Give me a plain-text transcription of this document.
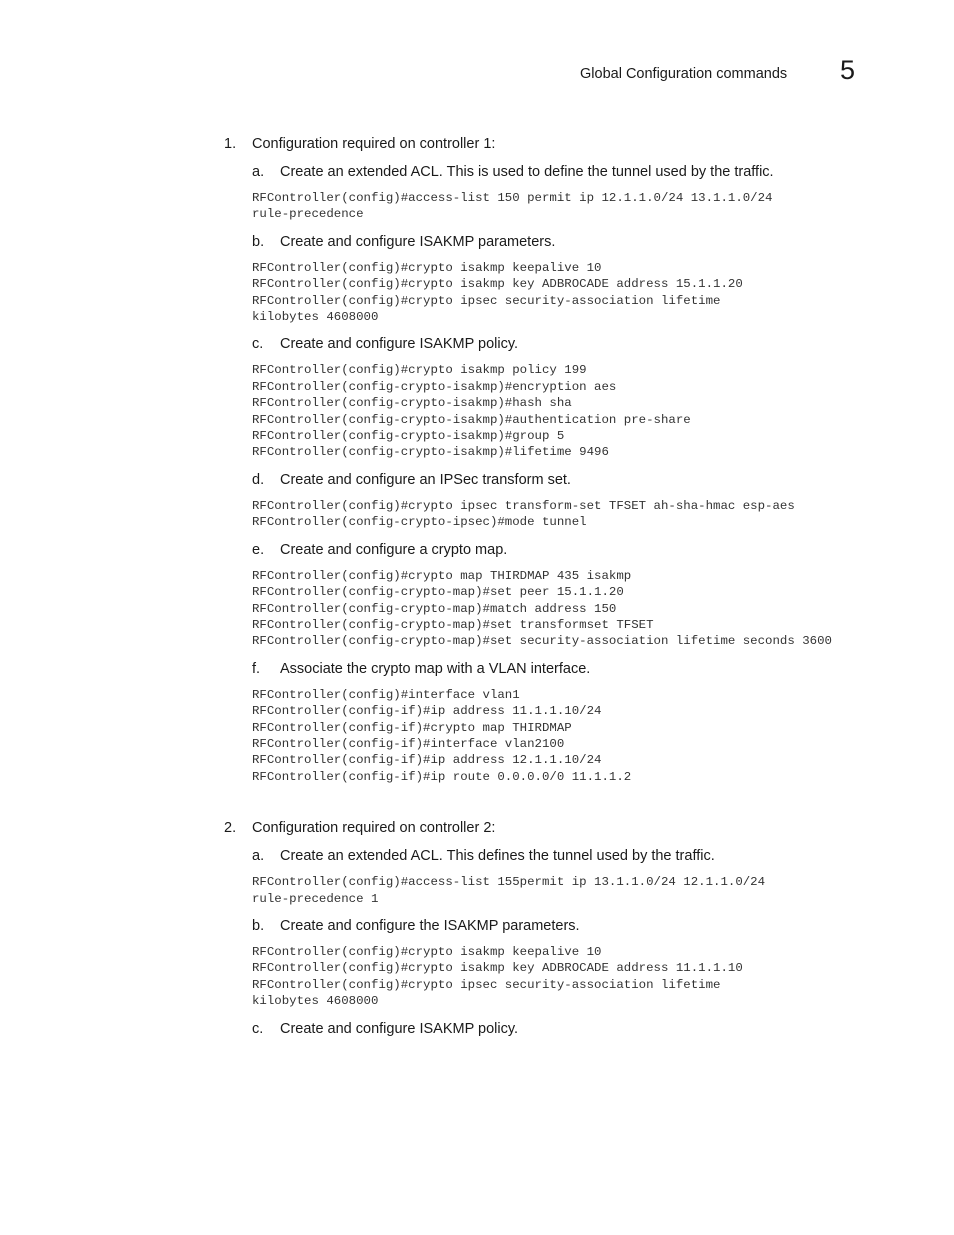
Global Configuration commands 5
1. Configuration required on controller 1:
a. Create an extended ACL. This is used to define the tunnel used by the traffic.
RFController(config)#access-list 150 permit ip 12.1.1.0/24 13.1.1.0/24
rule-precedence
b. Create and configure ISAKMP parameters.
RFController(config)#crypto isakmp keepalive 10
RFController(config)#crypto isakmp key ADBROCADE address 15.1.1.20
RFController(config)#crypto ipsec security-association lifetime
kilobytes 4608000
c. Create and configure ISAKMP policy.
RFController(config)#crypto isakmp policy 199
RFController(config-crypto-isakmp)#encryption aes
RFController(config-crypto-isakmp)#hash sha
RFController(config-crypto-isakmp)#authentication pre-share
RFController(config-crypto-isakmp)#group 5
RFController(config-crypto-isakmp)#lifetime 9496
d. Create and configure an IPSec transform set.
RFController(config)#crypto ipsec transform-set TFSET ah-sha-hmac esp-aes
RFController(config-crypto-ipsec)#mode tunnel
e. Create and configure a crypto map.
RFController(config)#crypto map THIRDMAP 435 isakmp
RFController(config-crypto-map)#set peer 15.1.1.20
RFController(config-crypto-map)#match address 150
RFController(config-crypto-map)#set transformset TFSET
RFController(config-crypto-map)#set security-association lifetime seconds 3600
f. Associate the crypto map with a VLAN interface.
RFController(config)#interface vlan1
RFController(config-if)#ip address 11.1.1.10/24
RFController(config-if)#crypto map THIRDMAP
RFController(config-if)#interface vlan2100
RFController(config-if)#ip address 12.1.1.10/24
RFController(config-if)#ip route 0.0.0.0/0 11.1.1.2
2. Configuration required on controller 2:
a. Create an extended ACL. This defines the tunnel used by the traffic.
RFController(config)#access-list 155permit ip 13.1.1.0/24 12.1.1.0/24
rule-precedence 1
b. Create and configure the ISAKMP parameters.
RFController(config)#crypto isakmp keepalive 10
RFController(config)#crypto isakmp key ADBROCADE address 11.1.1.10
RFController(config)#crypto ipsec security-association lifetime
kilobytes 4608000
c. Create and configure ISAKMP policy.
